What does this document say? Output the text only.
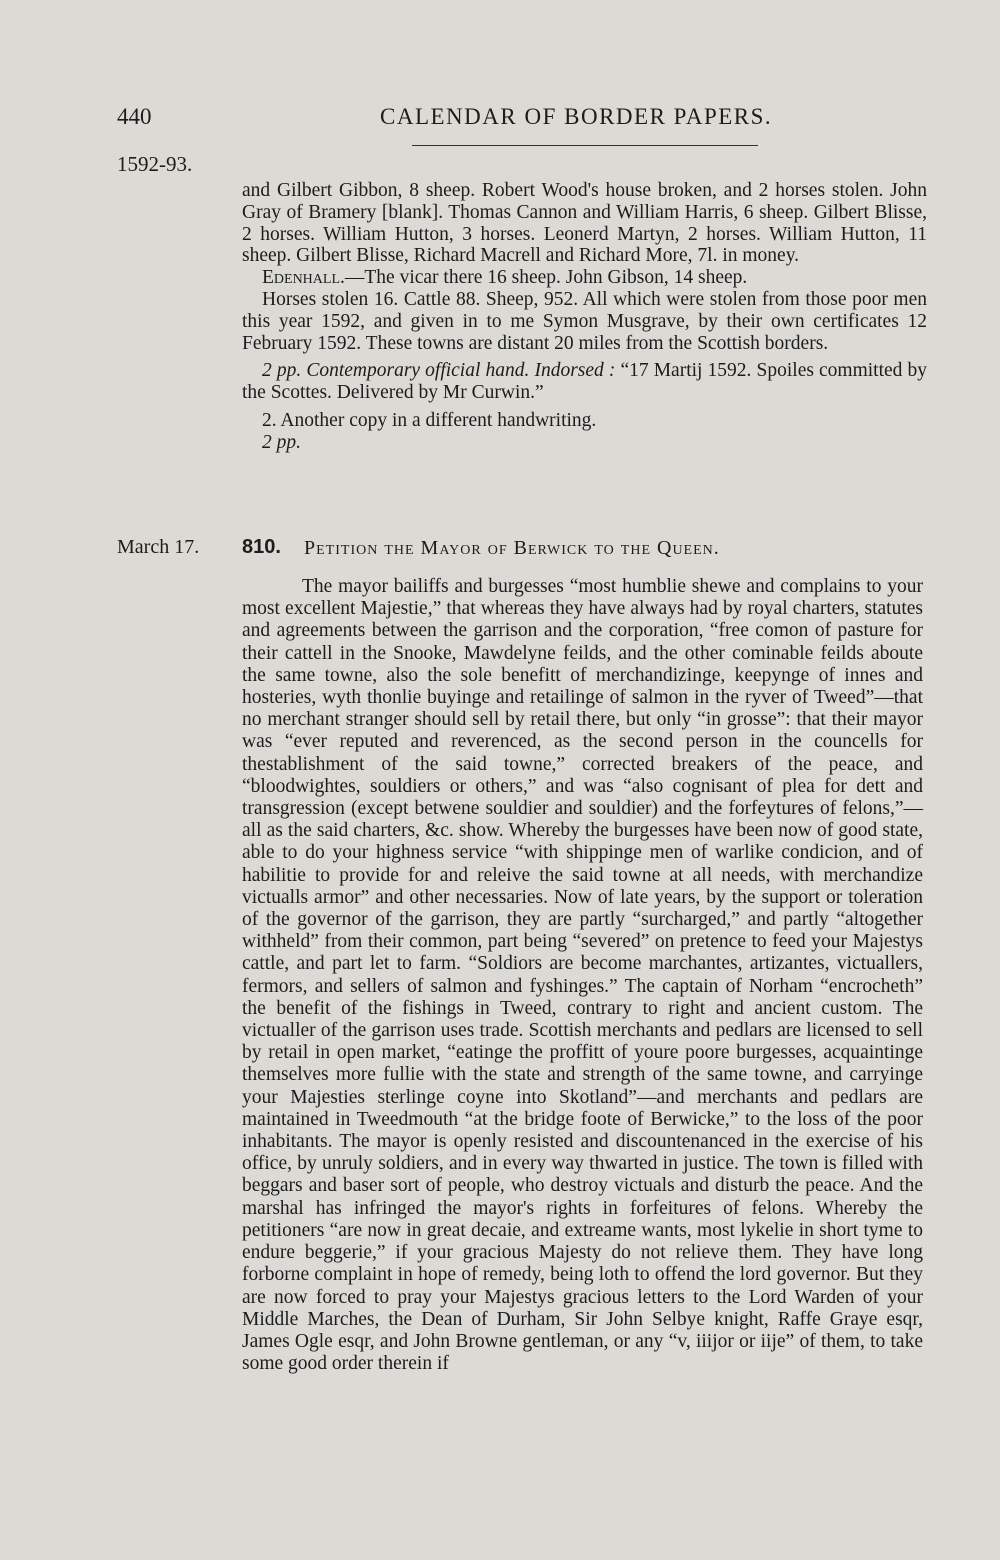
440	CALENDAR OF BORDER PAPERS.
1592-93.

and Gilbert Gibbon, 8 sheep. Robert Wood's house broken, and 2 horses stolen. John Gray of Bramery [blank]. Thomas Cannon and William Harris, 6 sheep. Gilbert Blisse, 2 horses. William Hutton, 3 horses. Leonerd Martyn, 2 horses. William Hutton, 11 sheep. Gilbert Blisse, Richard Macrell and Richard More, 7l. in money.

Edenhall.—The vicar there 16 sheep. John Gibson, 14 sheep.

Horses stolen 16. Cattle 88. Sheep, 952. All which were stolen from those poor men this year 1592, and given in to me Symon Musgrave, by their own certificates 12 February 1592. These towns are distant 20 miles from the Scottish borders.

2 pp. Contemporary official hand. Indorsed : “17 Martij 1592. Spoiles committed by the Scottes. Delivered by Mr Curwin.”

2. Another copy in a different handwriting.

2 pp.

March 17. 810. Petition the Mayor of Berwick to the Queen.

The mayor bailiffs and burgesses “most humblie shewe and complains to your most excellent Majestie,” that whereas they have always had by royal charters, statutes and agreements between the garrison and the corporation, “free comon of pasture for their cattell in the Snooke, Mawdelyne feilds, and the other cominable feilds aboute the same towne, also the sole benefitt of merchandizinge, keepynge of innes and hosteries, wyth thonlie buyinge and retailinge of salmon in the ryver of Tweed”—that no merchant stranger should sell by retail there, but only “in grosse”: that their mayor was “ever reputed and reverenced, as the second person in the councells for thestablishment of the said towne,” corrected breakers of the peace, and “bloodwightes, souldiers or others,” and was “also cognisant of plea for dett and transgression (except betwene souldier and souldier) and the forfeytures of felons,”—all as the said charters, &c. show. Whereby the burgesses have been now of good state, able to do your highness service “with shippinge men of warlike condicion, and of habilitie to provide for and releive the said towne at all needs, with merchandize victualls armor” and other necessaries. Now of late years, by the support or toleration of the governor of the garrison, they are partly “surcharged,” and partly “altogether withheld” from their common, part being “severed” on pretence to feed your Majestys cattle, and part let to farm. “Soldiors are become marchantes, artizantes, victuallers, fermors, and sellers of salmon and fyshinges.” The captain of Norham “encrocheth” the benefit of the fishings in Tweed, contrary to right and ancient custom. The victualler of the garrison uses trade. Scottish merchants and pedlars are licensed to sell by retail in open market, “eatinge the proffitt of youre poore burgesses, acquaintinge themselves more fullie with the state and strength of the same towne, and carryinge your Majesties sterlinge coyne into Skotland”—and merchants and pedlars are maintained in Tweedmouth “at the bridge foote of Berwicke,” to the loss of the poor inhabitants. The mayor is openly resisted and discountenanced in the exercise of his office, by unruly soldiers, and in every way thwarted in justice. The town is filled with beggars and baser sort of people, who destroy victuals and disturb the peace. And the marshal has infringed the mayor's rights in forfeitures of felons. Whereby the petitioners “are now in great decaie, and extreame wants, most lykelie in short tyme to endure beggerie,” if your gracious Majesty do not relieve them. They have long forborne complaint in hope of remedy, being loth to offend the lord governor. But they are now forced to pray your Majestys gracious letters to the Lord Warden of your Middle Marches, the Dean of Durham, Sir John Selbye knight, Raffe Graye esqr, James Ogle esqr, and John Browne gentleman, or any “v, iiijor or iije” of them, to take some good order therein if
